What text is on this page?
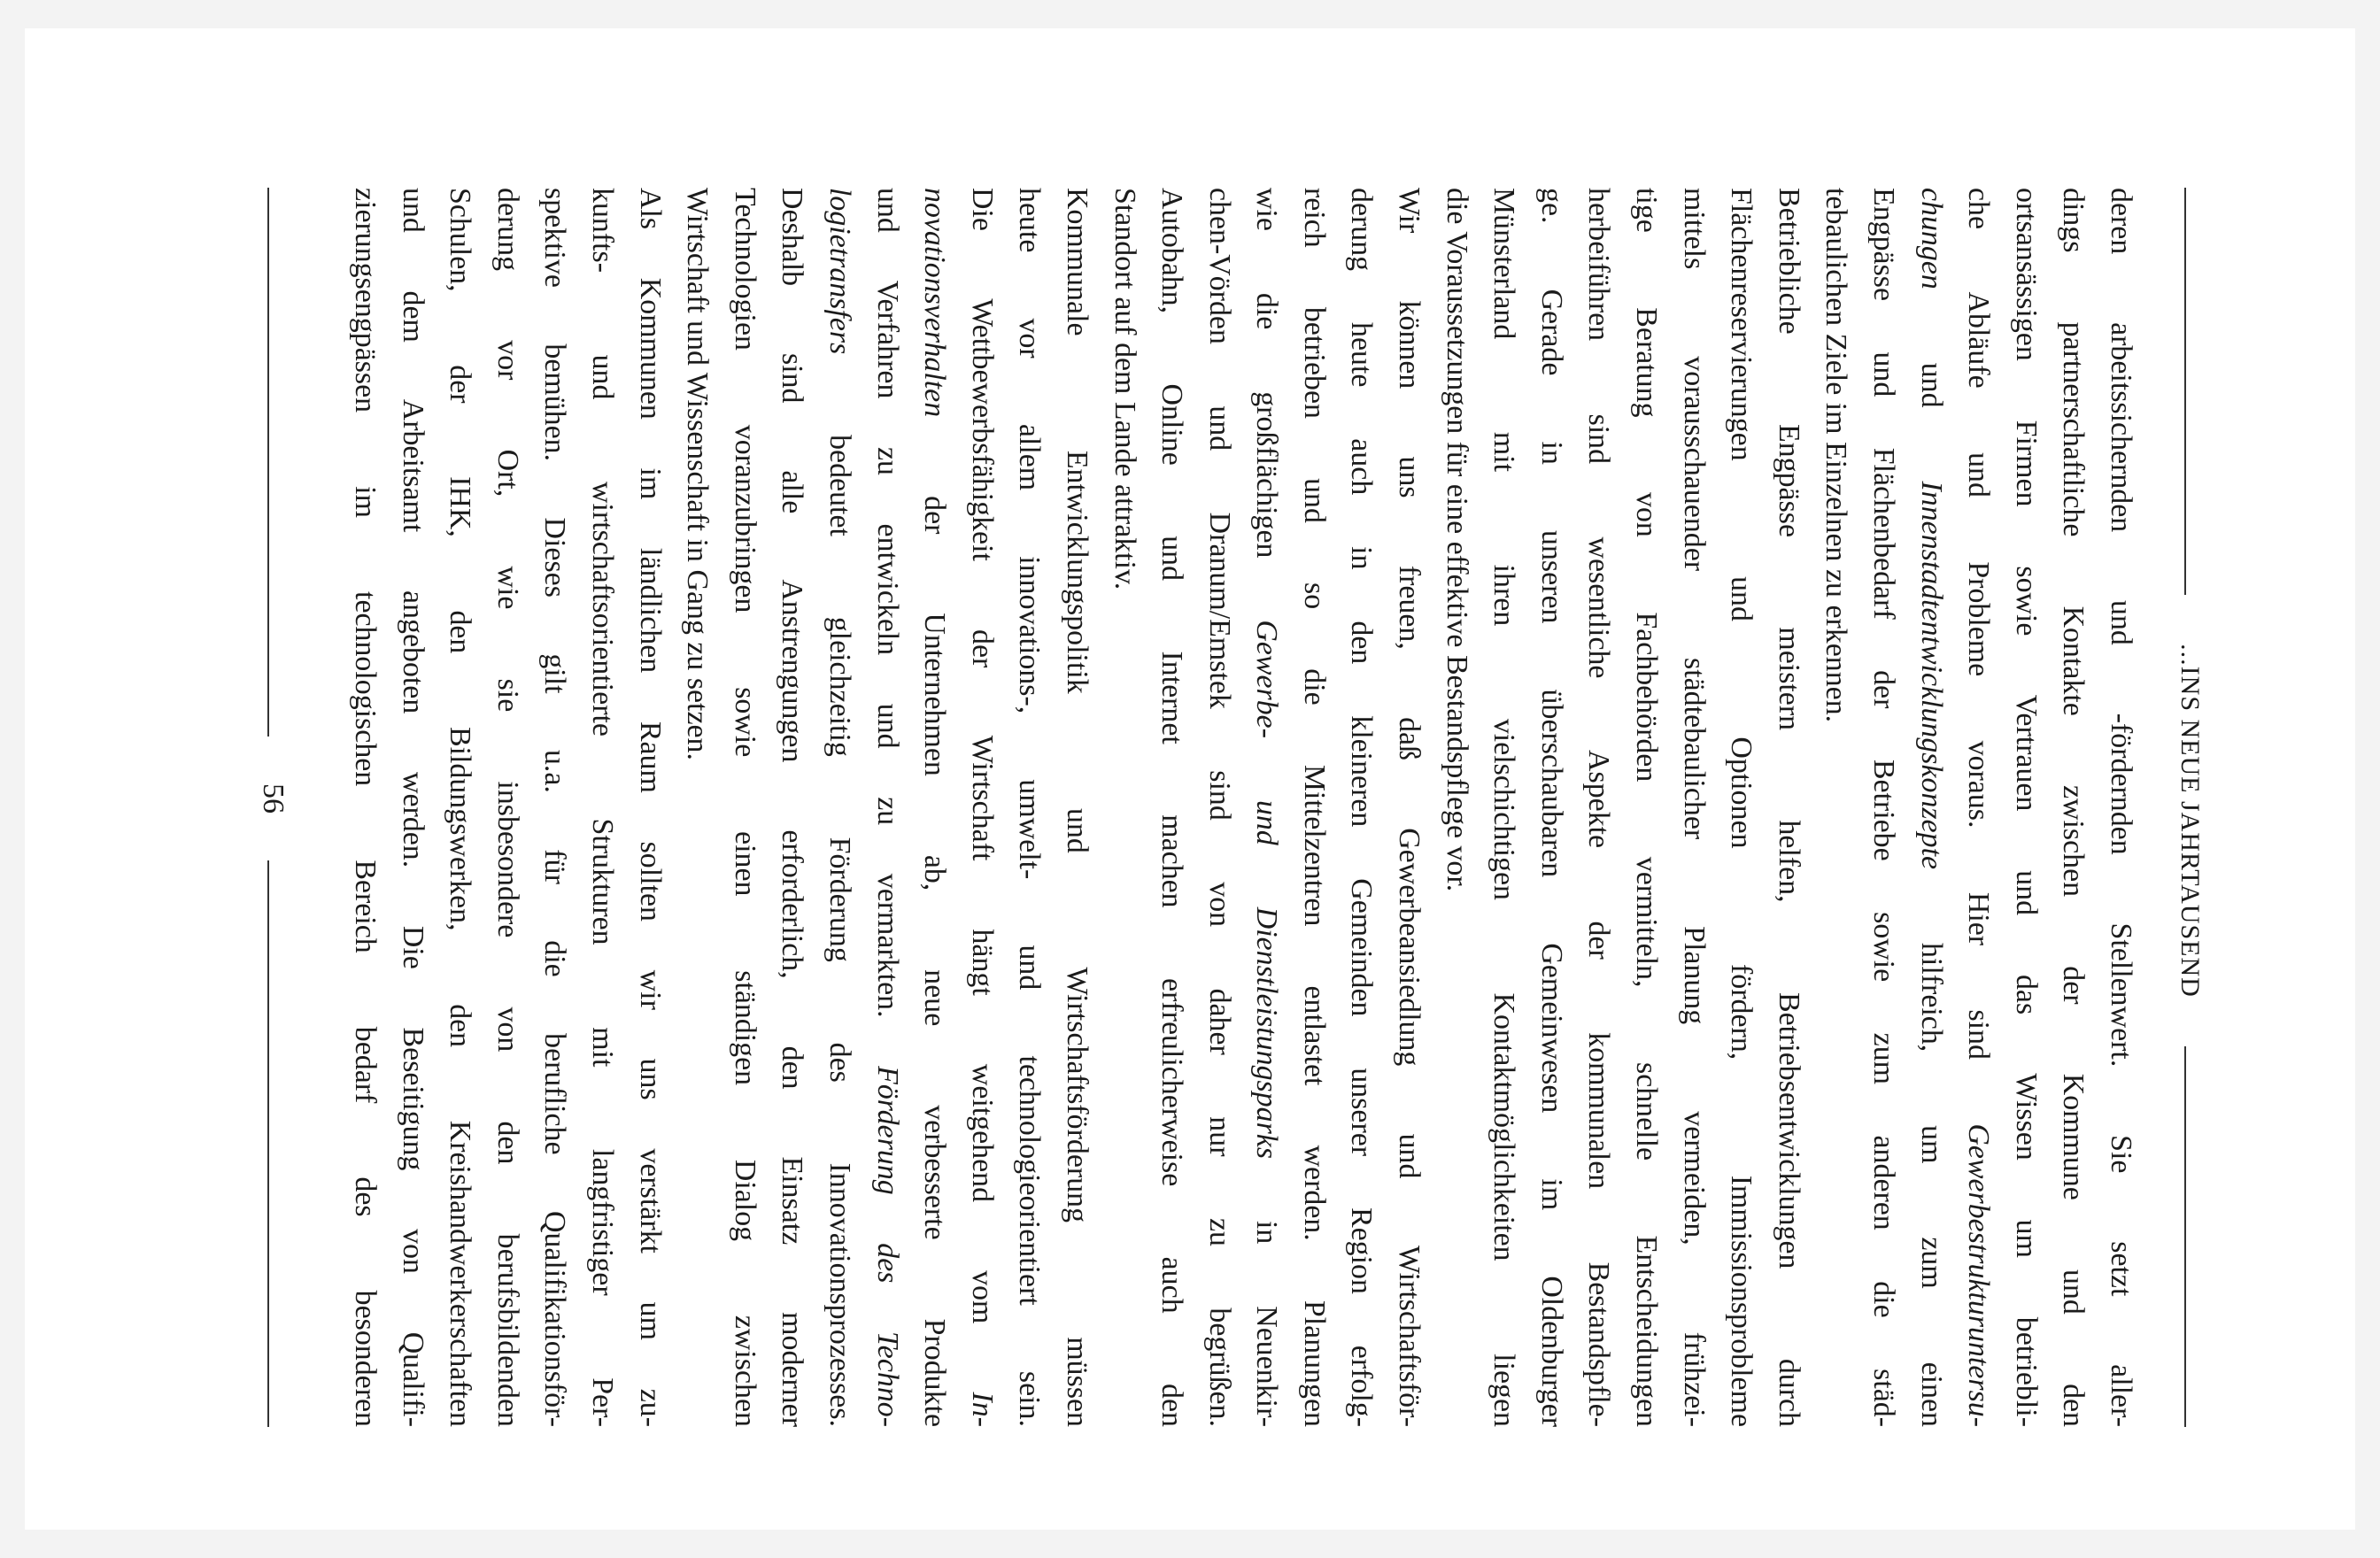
...INS NEUE JAHRTAUSEND
deren arbeitssichernden und -fördernden Stellenwert. Sie setzt aller-
dings partnerschaftliche Kontakte zwischen der Kommune und den
ortsansässigen Firmen sowie Vertrauen und das Wissen um betriebli-
che Abläufe und Probleme voraus. Hier sind Gewerbestrukturuntersu-
chungen und Innenstadtentwicklungskonzepte hilfreich, um zum einen
Engpässe und Flächenbedarf der Betriebe sowie zum anderen die städ-
tebaulichen Ziele im Einzelnen zu erkennen.
Betriebliche Engpässe meistern helfen, Betriebsentwicklungen durch
Flächenreservierungen und Optionen fördern, Immissionsprobleme
mittels vorausschauender städtebaulicher Planung vermeiden, frühzei-
tige Beratung von Fachbehörden vermitteln, schnelle Entscheidungen
herbeiführen sind wesentliche Aspekte der kommunalen Bestandspfle-
ge. Gerade in unseren überschaubaren Gemeinwesen im Oldenburger
Münsterland mit ihren vielschichtigen Kontaktmöglichkeiten liegen
die Voraussetzungen für eine effektive Bestandspflege vor.
Wir können uns freuen, daß Gewerbeansiedlung und Wirtschaftsför-
derung heute auch in den kleineren Gemeinden unserer Region erfolg-
reich betrieben und so die Mittelzentren entlastet werden. Planungen
wie die großflächigen Gewerbe- und Dienstleistungsparks in Neuenkir-
chen-Vörden und Dranum/Emstek sind von daher nur zu begrüßen.
Autobahn, Online und Internet machen erfreulicherweise auch den
Standort auf dem Lande attraktiv.
Kommunale Entwicklungspolitik und Wirtschaftsförderung müssen
heute vor allem innovations-, umwelt- und technologieorientiert sein.
Die Wettbewerbsfähigkeit der Wirtschaft hängt weitgehend vom In-
novationsverhalten der Unternehmen ab, neue verbesserte Produkte
und Verfahren zu entwickeln und zu vermarkten. Förderung des Techno-
logietransfers bedeutet gleichzeitig Förderung des Innovationsprozesses.
Deshalb sind alle Anstrengungen erforderlich, den Einsatz moderner
Technologien voranzubringen sowie einen ständigen Dialog zwischen
Wirtschaft und Wissenschaft in Gang zu setzen.
Als Kommunen im ländlichen Raum sollten wir uns verstärkt um zu-
kunfts- und wirtschaftsorientierte Strukturen mit langfristiger Per-
spektive bemühen. Dieses gilt u.a. für die berufliche Qualifikationsför-
derung vor Ort, wie sie insbesondere von den berufsbildenden
Schulen, der IHK, den Bildungswerken, den Kreishandwerkerschaften
und dem Arbeitsamt angeboten werden. Die Beseitigung von Qualifi-
zierungsengpässen im technologischen Bereich bedarf des besonderen
56
